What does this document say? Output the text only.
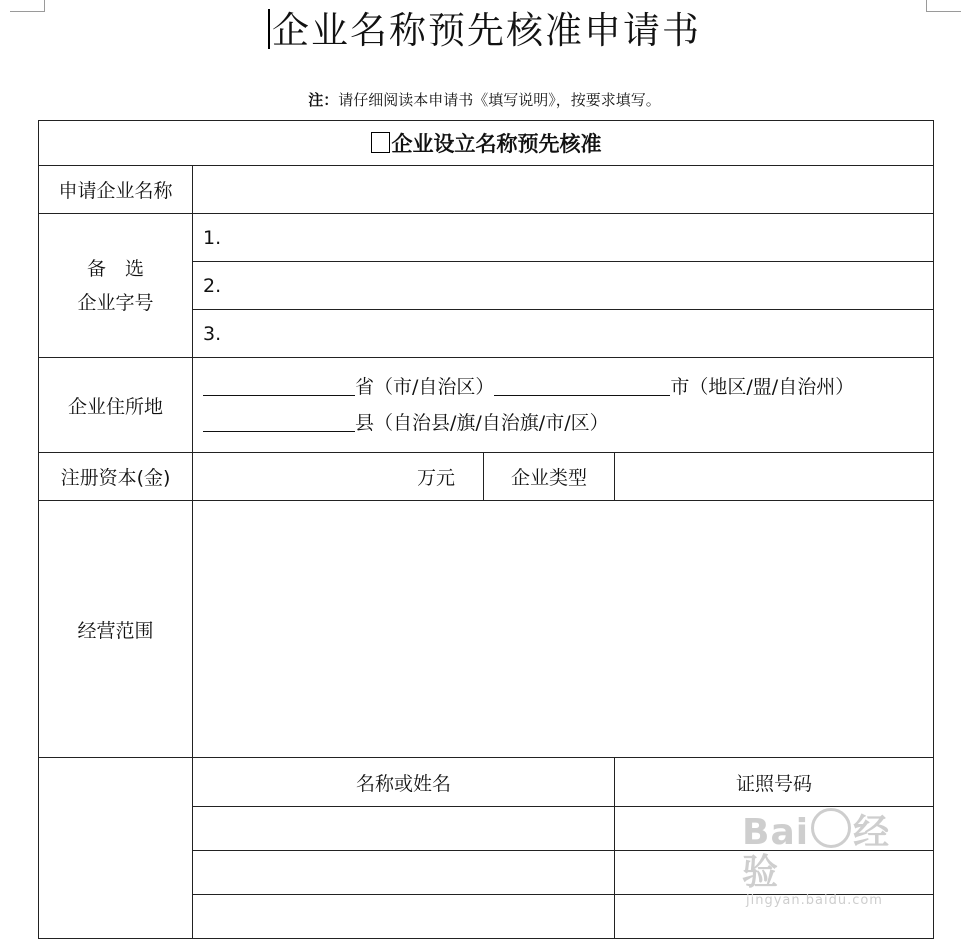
企业名称预先核准申请书
注：请仔细阅读本申请书《填写说明》，按要求填写。
企业设立名称预先核准			
申请企业名称			

备　选
企业字号	1.		
	2.		
	3.		
企业住所地	省（市/自治区） 市（地区/盟/自治州）
县（自治县/旗/自治旗/市/区）		

注册资本(金)	万元	企业类型	
经营范围			
	名称或姓名		证照号码

Bai 经验
jingyan.baidu.com
